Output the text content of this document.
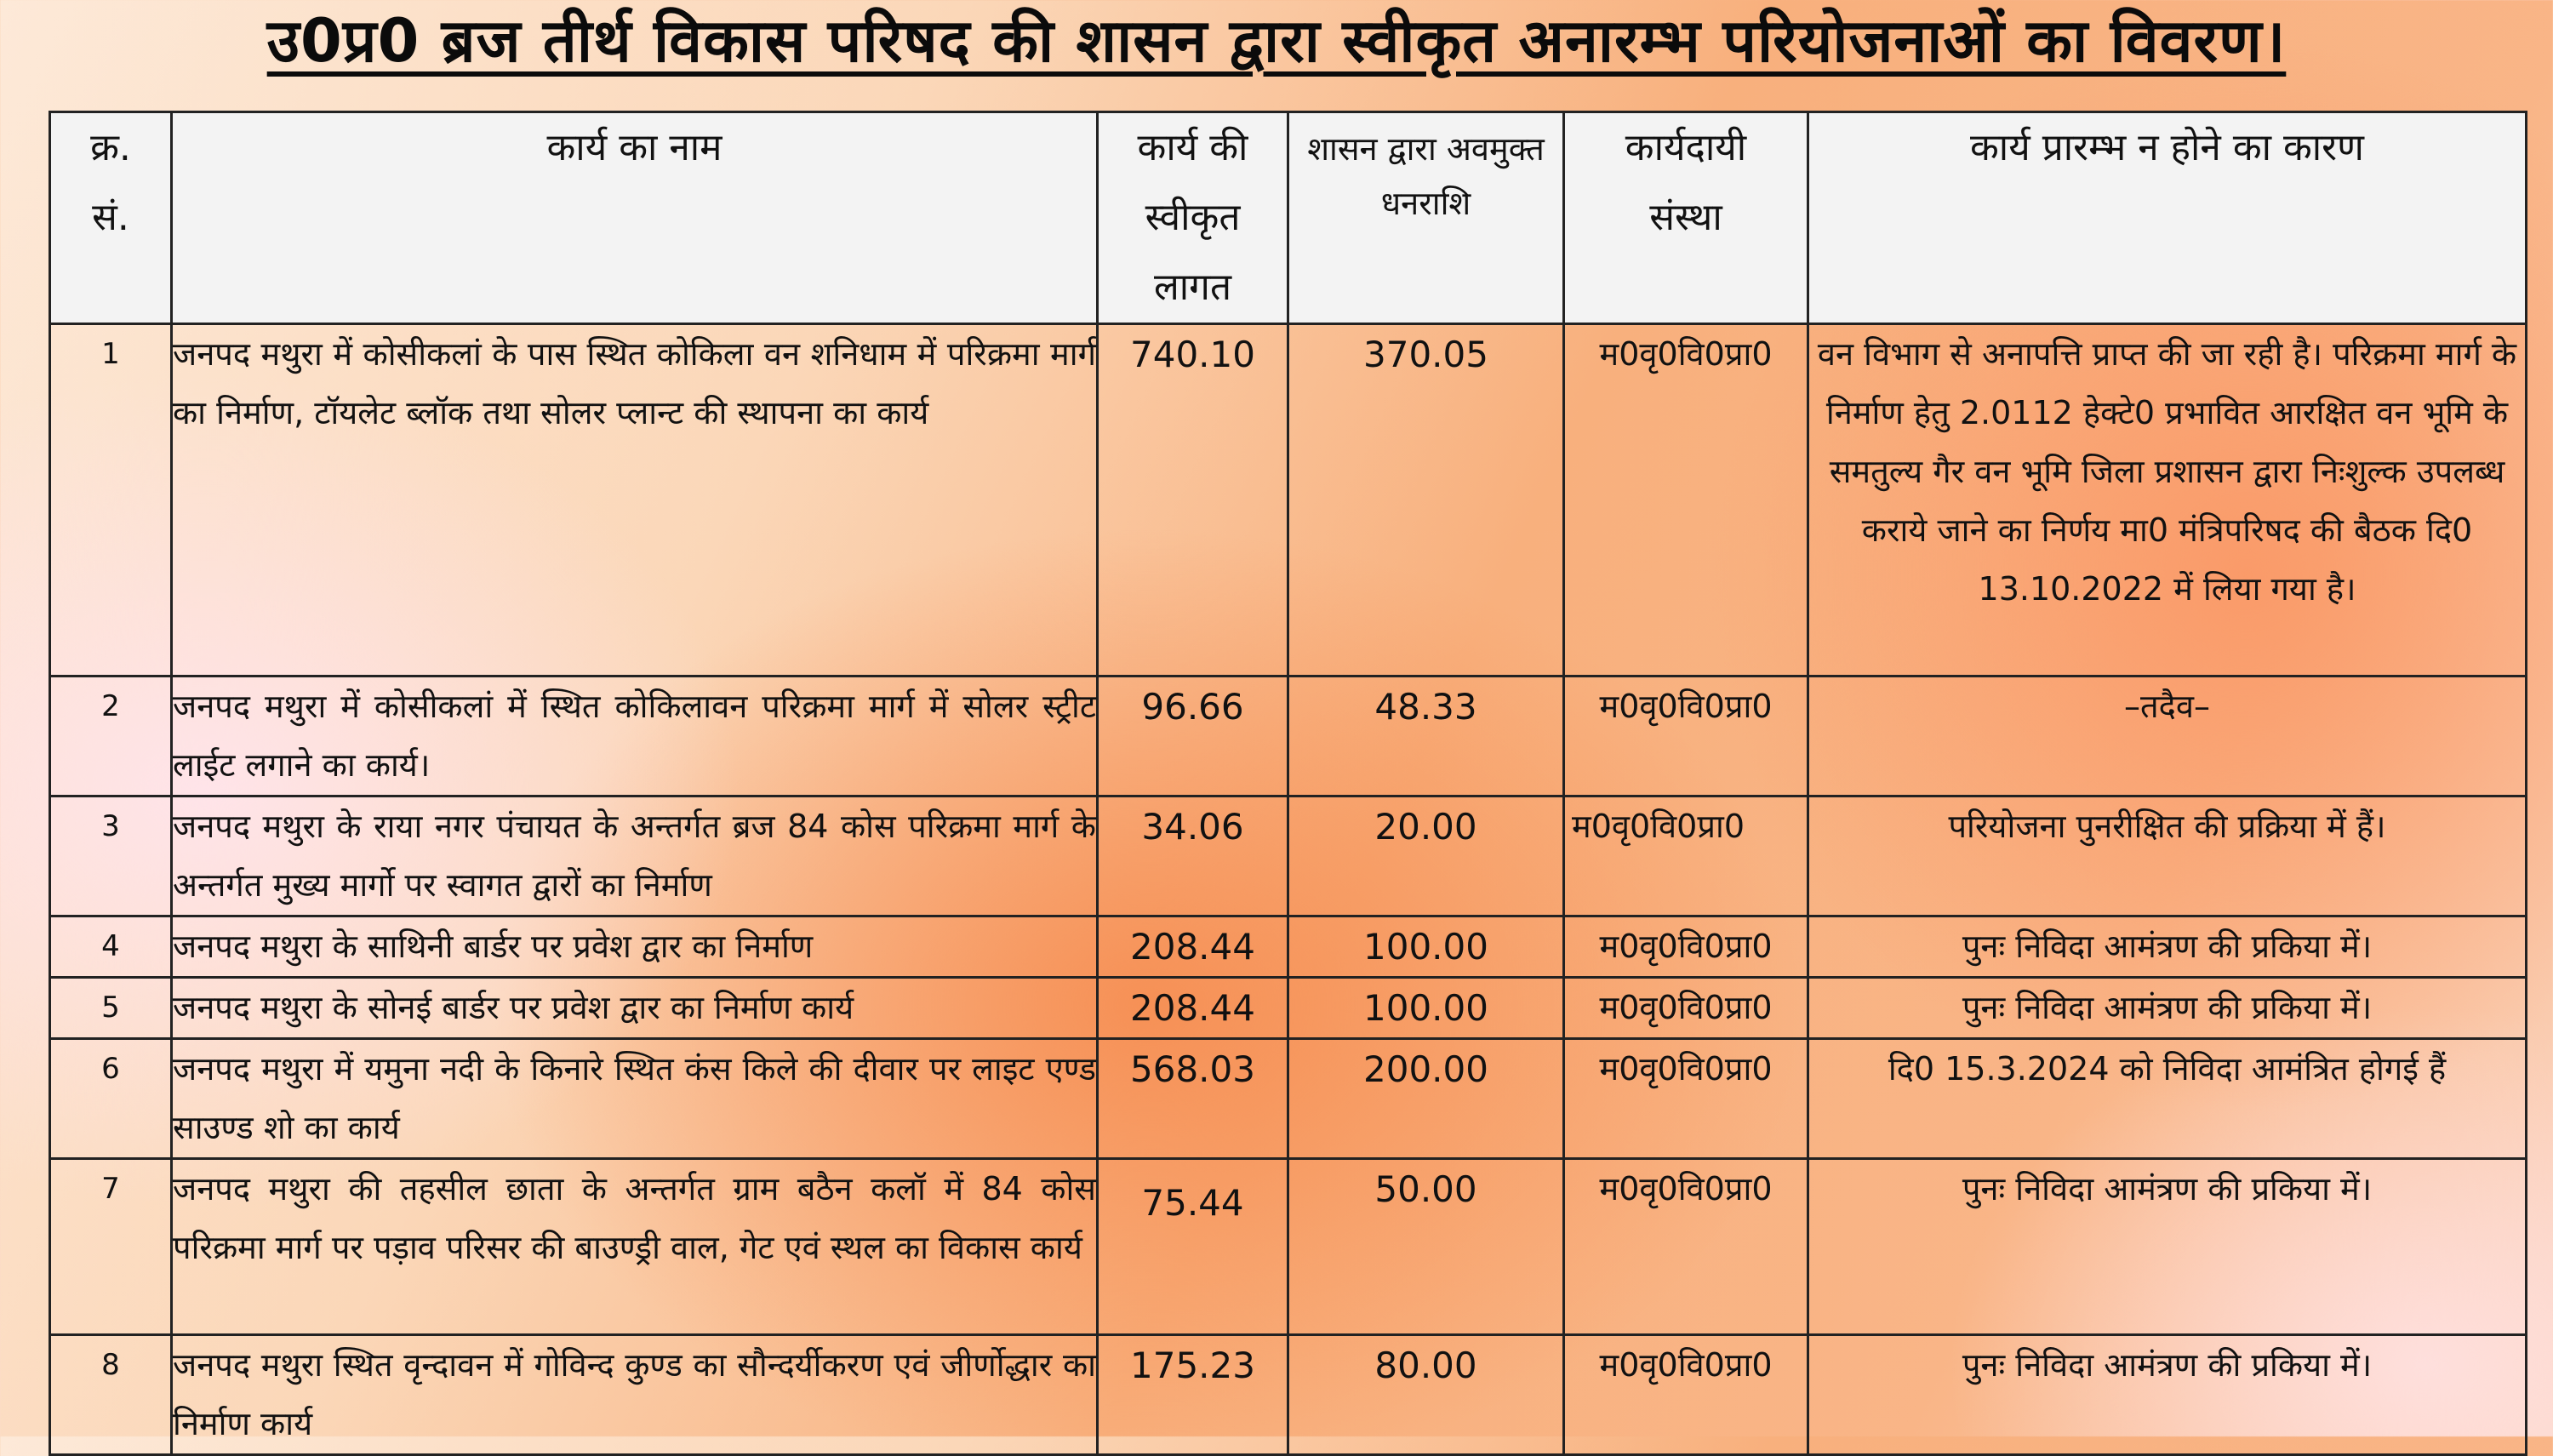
उ0प्र0 ब्रज तीर्थ विकास परिषद की शासन द्वारा स्वीकृत अनारम्भ परियोजनाओं का विवरण।
क्र. सं.	कार्य का नाम	कार्य की स्वीकृत लागत	शासन द्वारा अवमुक्त धनराशि	कार्यदायी संस्था	कार्य प्रारम्भ न होने का कारण
1	जनपद मथुरा में कोसीकलां के पास स्थित कोकिला वन शनिधाम में परिक्रमा मार्ग का निर्माण, टॉयलेट ब्लॉक तथा सोलर प्लान्ट की स्थापना का कार्य	740.10	370.05	म0वृ0वि0प्रा0	वन विभाग से अनापत्ति प्राप्त की जा रही है। परिक्रमा मार्ग के निर्माण हेतु 2.0112 हेक्टे0 प्रभावित आरक्षित वन भूमि के समतुल्य गैर वन भूमि जिला प्रशासन द्वारा निःशुल्क उपलब्ध कराये जाने का निर्णय मा0 मंत्रिपरिषद की बैठक दि0 13.10.2022 में लिया गया है।
2	जनपद मथुरा में कोसीकलां में स्थित कोकिलावन परिक्रमा मार्ग में सोलर स्ट्रीट लाईट लगाने का कार्य।	96.66	48.33	म0वृ0वि0प्रा0	–तदैव–
3	जनपद मथुरा के राया नगर पंचायत के अन्तर्गत ब्रज 84 कोस परिक्रमा मार्ग के अन्तर्गत मुख्य मार्गो पर स्वागत द्वारों का निर्माण	34.06	20.00	म0वृ0वि0प्रा0	परियोजना पुनरीक्षित की प्रक्रिया में हैं।
4	जनपद मथुरा के साथिनी बार्डर पर प्रवेश द्वार का निर्माण	208.44	100.00	म0वृ0वि0प्रा0	पुनः निविदा आमंत्रण की प्रकिया में।
5	जनपद मथुरा के सोनई बार्डर पर प्रवेश द्वार का निर्माण कार्य	208.44	100.00	म0वृ0वि0प्रा0	पुनः निविदा आमंत्रण की प्रकिया में।
6	जनपद मथुरा में यमुना नदी के किनारे स्थित कंस किले की दीवार पर लाइट एण्ड साउण्ड शो का कार्य	568.03	200.00	म0वृ0वि0प्रा0	दि0 15.3.2024 को निविदा आमंत्रित होगई हैं
7	जनपद मथुरा की तहसील छाता के अन्तर्गत ग्राम बठैन कलॉ में 84 कोस परिक्रमा मार्ग पर पड़ाव परिसर की बाउण्ड्री वाल, गेट एवं स्थल का विकास कार्य	75.44	50.00	म0वृ0वि0प्रा0	पुनः निविदा आमंत्रण की प्रकिया में।
8	जनपद मथुरा स्थित वृन्दावन में गोविन्द कुण्ड का सौन्दर्यीकरण एवं जीर्णोद्धार का निर्माण कार्य	175.23	80.00	म0वृ0वि0प्रा0	पुनः निविदा आमंत्रण की प्रकिया में।
